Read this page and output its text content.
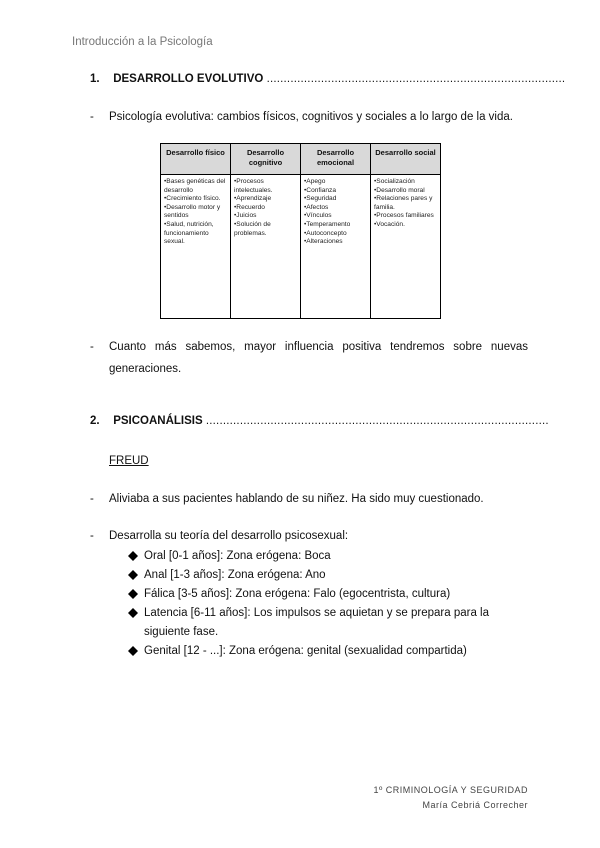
Introducción a la Psicología
1. DESARROLLO EVOLUTIVO ........................................................................................
- Psicología evolutiva: cambios físicos, cognitivos y sociales a lo largo de la vida.
Desarrollo físico	Desarrollo cognitivo
Desarrollo emocional
Desarrollo social
•Bases genéticas del desarrollo
•Crecimiento físico.
•Desarrollo motor y sentidos
•Salud, nutrición, funcionamiento sexual.
•Procesos intelectuales.
•Aprendizaje
•Recuerdo
•Juicios
•Solución de problemas.
•Apego
•Confianza
•Seguridad
•Afectos
•Vínculos
•Temperamento
•Autoconcepto
•Alteraciones
•Socialización
•Desarrollo moral
•Relaciones pares y familia.
•Procesos familiares
•Vocación.
- Cuanto más sabemos, mayor influencia positiva tendremos sobre nuevas generaciones.
2. PSICOANÁLISIS .....................................................................................................
FREUD
- Aliviaba a sus pacientes hablando de su niñez. Ha sido muy cuestionado.
- Desarrolla su teoría del desarrollo psicosexual:
Oral [0-1 años]: Zona erógena: Boca
Anal [1-3 años]: Zona erógena: Ano
Fálica [3-5 años]: Zona erógena: Falo (egocentrista, cultura)
Latencia [6-11 años]: Los impulsos se aquietan y se prepara para la siguiente fase.
Genital [12 - ...]: Zona erógena: genital (sexualidad compartida)
1º CRIMINOLOGÍA Y SEGURIDAD
María Cebriá Correcher
